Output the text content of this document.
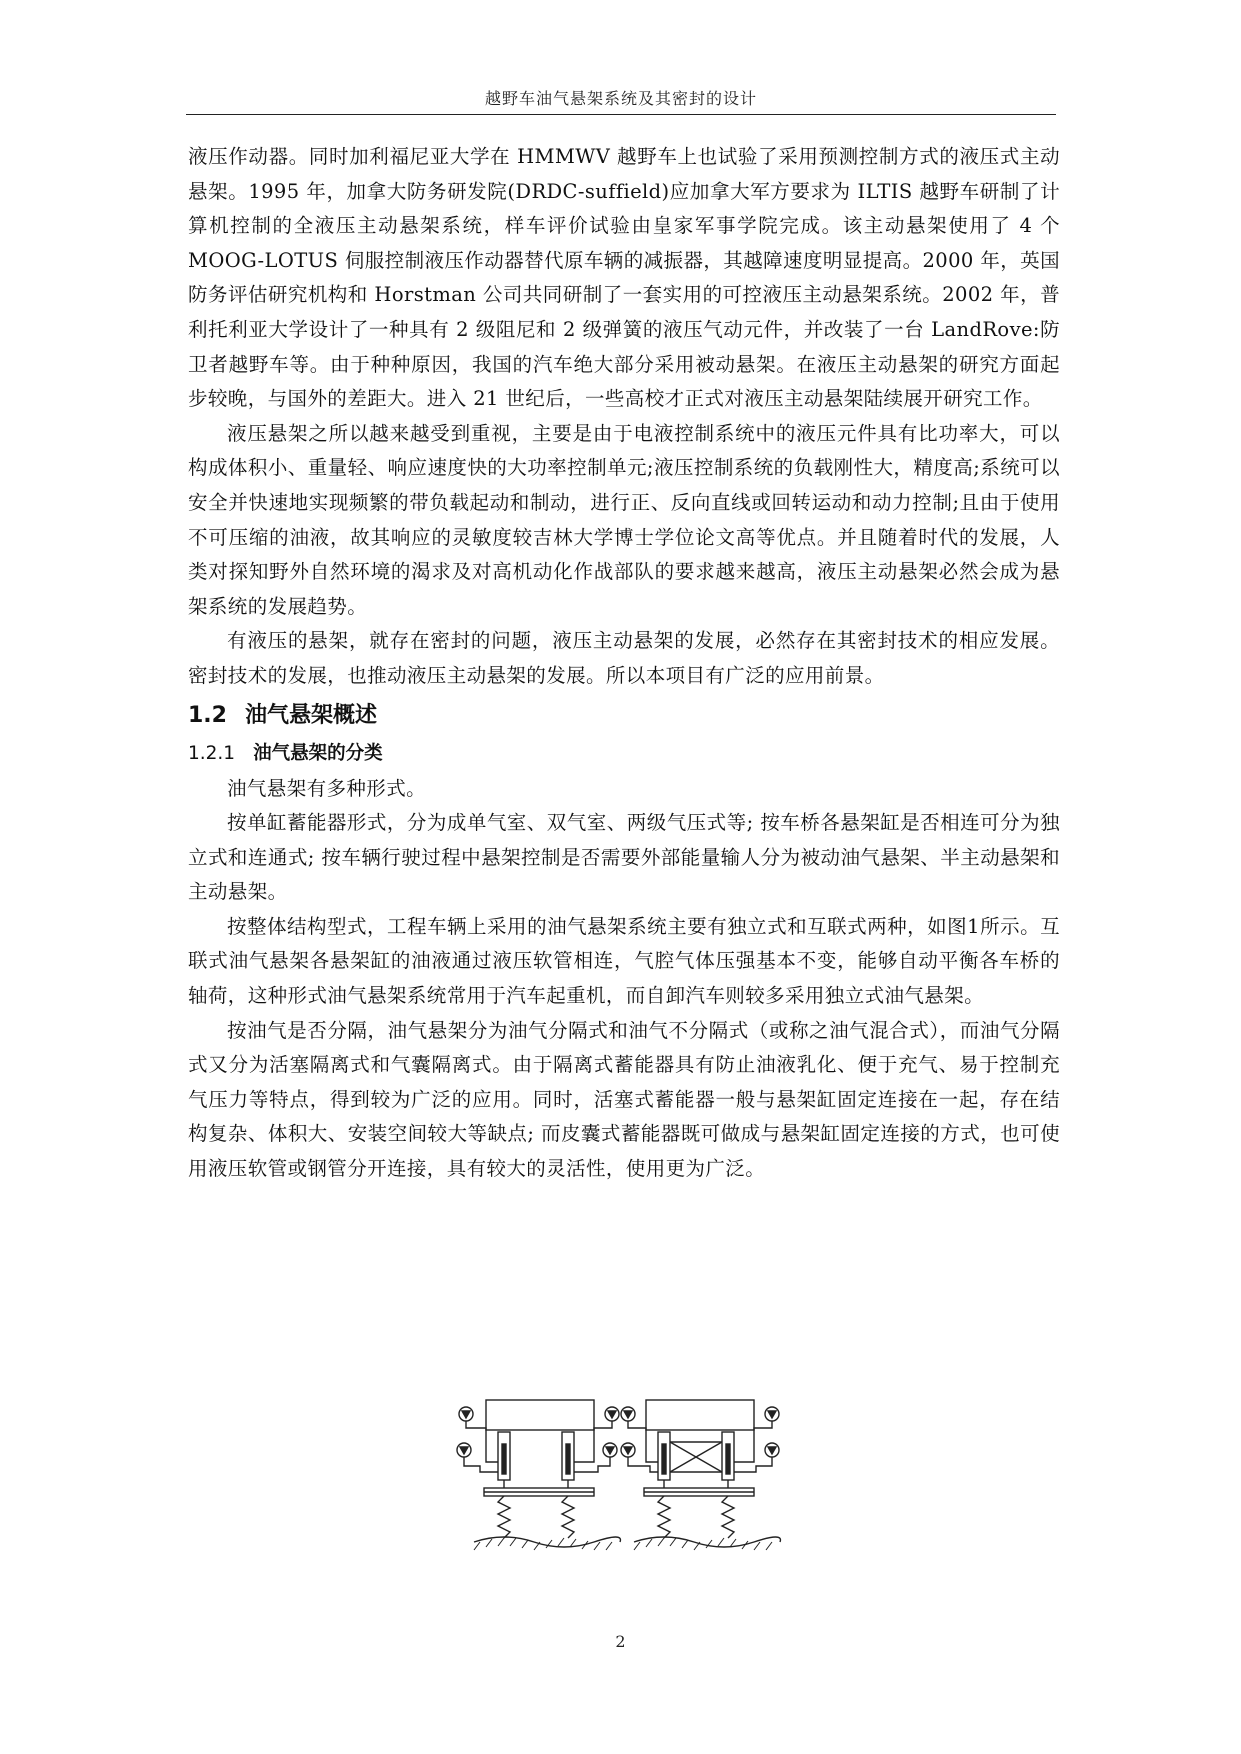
越野车油气悬架系统及其密封的设计

液压作动器。同时加利福尼亚大学在 HMMWV 越野车上也试验了采用预测控制方式的液压式主动悬架。1995 年，加拿大防务研发院(DRDC-suffield)应加拿大军方要求为 ILTIS 越野车研制了计算机控制的全液压主动悬架系统，样车评价试验由皇家军事学院完成。该主动悬架使用了 4 个 MOOG-LOTUS 伺服控制液压作动器替代原车辆的减振器，其越障速度明显提高。2000 年，英国防务评估研究机构和 Horstman 公司共同研制了一套实用的可控液压主动悬架系统。2002 年，普利托利亚大学设计了一种具有 2 级阻尼和 2 级弹簧的液压气动元件，并改装了一台 LandRove:防卫者越野车等。由于种种原因，我国的汽车绝大部分采用被动悬架。在液压主动悬架的研究方面起步较晚，与国外的差距大。进入 21 世纪后，一些高校才正式对液压主动悬架陆续展开研究工作。

液压悬架之所以越来越受到重视，主要是由于电液控制系统中的液压元件具有比功率大，可以构成体积小、重量轻、响应速度快的大功率控制单元;液压控制系统的负载刚性大，精度高;系统可以安全并快速地实现频繁的带负载起动和制动，进行正、反向直线或回转运动和动力控制;且由于使用不可压缩的油液，故其响应的灵敏度较吉林大学博士学位论文高等优点。并且随着时代的发展，人类对探知野外自然环境的渴求及对高机动化作战部队的要求越来越高，液压主动悬架必然会成为悬架系统的发展趋势。

有液压的悬架，就存在密封的问题，液压主动悬架的发展，必然存在其密封技术的相应发展。密封技术的发展，也推动液压主动悬架的发展。所以本项目有广泛的应用前景。

1.2 油气悬架概述
1.2.1 油气悬架的分类

油气悬架有多种形式。

按单缸蓄能器形式，分为成单气室、双气室、两级气压式等; 按车桥各悬架缸是否相连可分为独立式和连通式; 按车辆行驶过程中悬架控制是否需要外部能量输人分为被动油气悬架、半主动悬架和主动悬架。

按整体结构型式，工程车辆上采用的油气悬架系统主要有独立式和互联式两种，如图1所示。互联式油气悬架各悬架缸的油液通过液压软管相连，气腔气体压强基本不变，能够自动平衡各车桥的轴荷，这种形式油气悬架系统常用于汽车起重机，而自卸汽车则较多采用独立式油气悬架。

按油气是否分隔，油气悬架分为油气分隔式和油气不分隔式（或称之油气混合式），而油气分隔式又分为活塞隔离式和气囊隔离式。由于隔离式蓄能器具有防止油液乳化、便于充气、易于控制充气压力等特点，得到较为广泛的应用。同时，活塞式蓄能器一般与悬架缸固定连接在一起，存在结构复杂、体积大、安装空间较大等缺点; 而皮囊式蓄能器既可做成与悬架缸固定连接的方式，也可使用液压软管或钢管分开连接，具有较大的灵活性，使用更为广泛。

2
